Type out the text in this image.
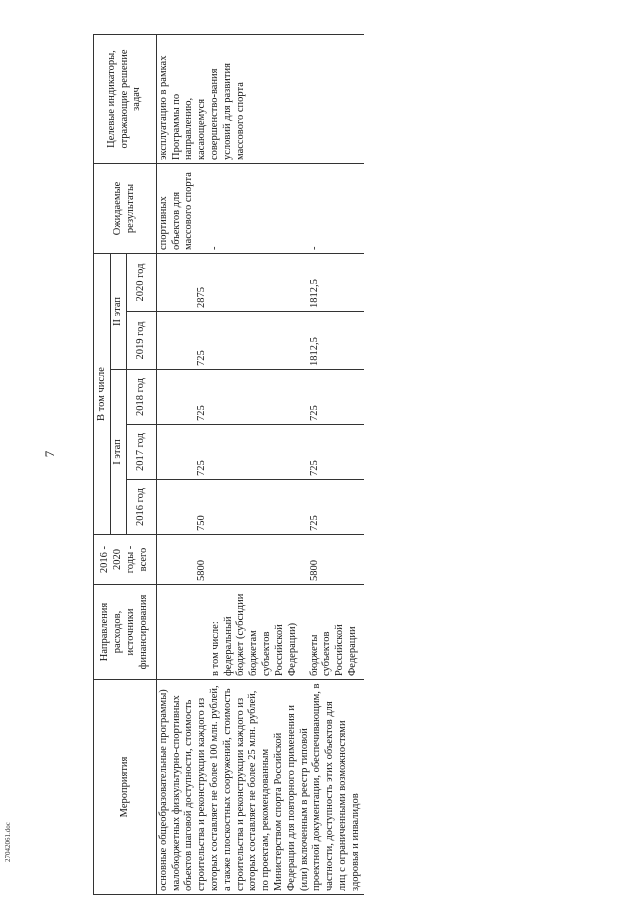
7
27042061.doc
Мероприятия	Направления расходов, источники финансирования	2016 - 2020 годы - всего	В том числе					Ожидаемые результаты	Целевые индикаторы, отражающие решение задач
			I этап			II этап			
			2016 год	2017 год	2018 год	2019 год	2020 год		
основные общеобразовательные программы) малобюджетных физкультурно-спортивных объектов шаговой доступности, стоимость строительства и реконструкции каждого из которых составляет не более 100 млн. рублей, а также плоскостных сооружений, стоимость строительства и реконструкции каждого из которых составляет не более 25 млн. рублей, по проектам, рекомендованным Министерством спорта Российской Федерации для повторного применения и (или) включенным в реестр типовой проектной документации, обеспечивающим, в частности, доступность этих объектов для лиц с ограниченными возможностями здоровья и инвалидов	в том числе: федеральный бюджет (субсидии бюджетам субъектов Российской Федерации)	5800	750	725	725	725	2875	спортивных объектов для массового спорта -	эксплуатацию в рамках Программы по направлению, касающемуся совершенство-вания условий для развития массового спорта
	бюджеты субъектов Российской Федерации	5800	725	725	725	1812,5	1812,5	-	
